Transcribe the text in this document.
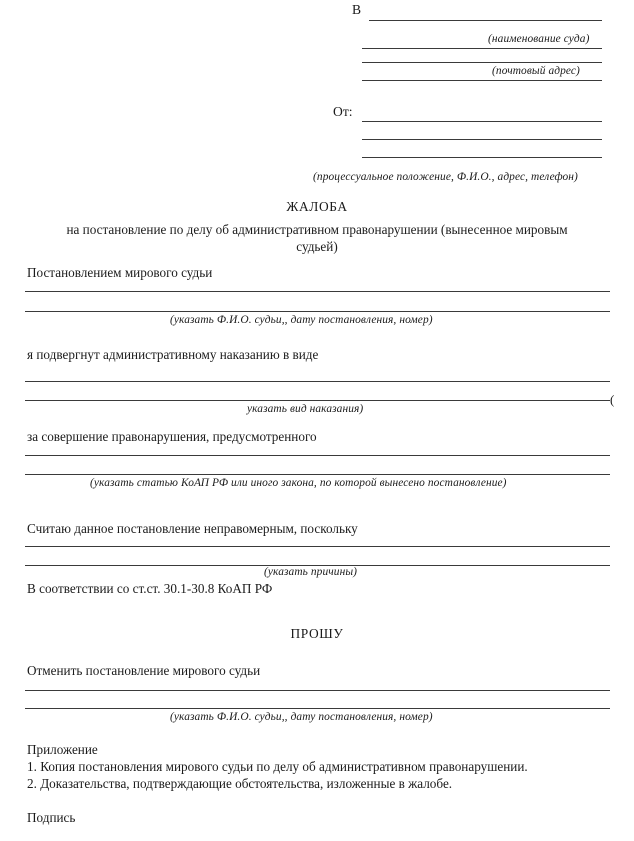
В
(наименование суда)
(почтовый адрес)
От:
(процессуальное положение, Ф.И.О., адрес, телефон)
ЖАЛОБА
на постановление по делу об административном правонарушении (вынесенное мировым судьей)
Постановлением мирового судьи
(указать Ф.И.О. судьи,, дату постановления, номер)
я подвергнут административному наказанию в виде
(
указать вид наказания)
за совершение правонарушения, предусмотренного
(указать статью КоАП РФ или иного закона, по которой вынесено постановление)
Считаю данное постановление неправомерным, поскольку
(указать причины)
В соответствии со ст.ст. 30.1-30.8 КоАП РФ
ПРОШУ
Отменить постановление мирового судьи
(указать Ф.И.О. судьи,, дату постановления, номер)
Приложение
1. Копия постановления мирового судьи по делу об административном правонарушении.
2. Доказательства, подтверждающие обстоятельства, изложенные в жалобе.
Подпись
